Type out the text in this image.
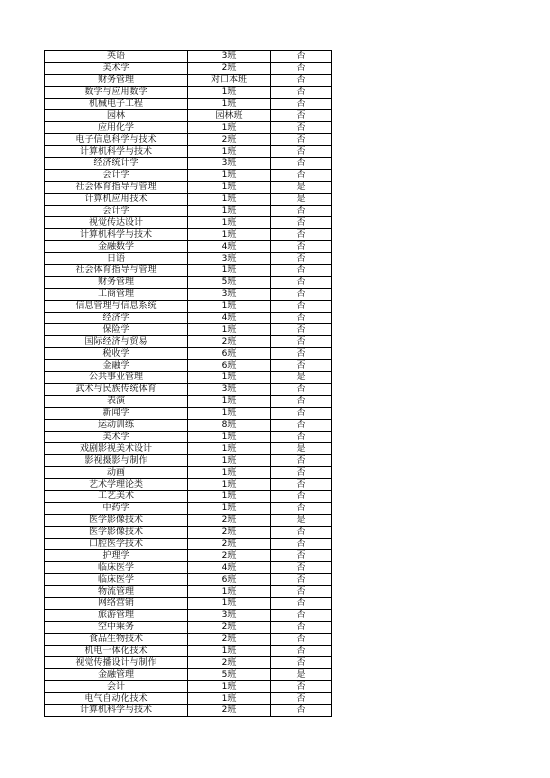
英语	3班	否
美术学	2班	否
财务管理	对口本班	否
数学与应用数学	1班	否
机械电子工程	1班	否
园林	园林班	否
应用化学	1班	否
电子信息科学与技术	2班	否
计算机科学与技术	1班	否
经济统计学	3班	否
会计学	1班	否
社会体育指导与管理	1班	是
计算机应用技术	1班	是
会计学	1班	否
视觉传达设计	1班	否
计算机科学与技术	1班	否
金融数学	4班	否
日语	3班	否
社会体育指导与管理	1班	否
财务管理	5班	否
工商管理	3班	否
信息管理与信息系统	1班	否
经济学	4班	否
保险学	1班	否
国际经济与贸易	2班	否
税收学	6班	否
金融学	6班	否
公共事业管理	1班	是
武术与民族传统体育	3班	否
表演	1班	否
新闻学	1班	否
运动训练	8班	否
美术学	1班	否
戏剧影视美术设计	1班	是
影视摄影与制作	1班	否
动画	1班	否
艺术学理论类	1班	否
工艺美术	1班	否
中药学	1班	否
医学影像技术	2班	是
医学影像技术	2班	否
口腔医学技术	2班	否
护理学	2班	否
临床医学	4班	否
临床医学	6班	否
物流管理	1班	否
网络营销	1班	否
旅游管理	3班	否
空中乘务	2班	否
食品生物技术	2班	否
机电一体化技术	1班	否
视觉传播设计与制作	2班	否
金融管理	5班	是
会计	1班	否
电气自动化技术	1班	否
计算机科学与技术	2班	否
